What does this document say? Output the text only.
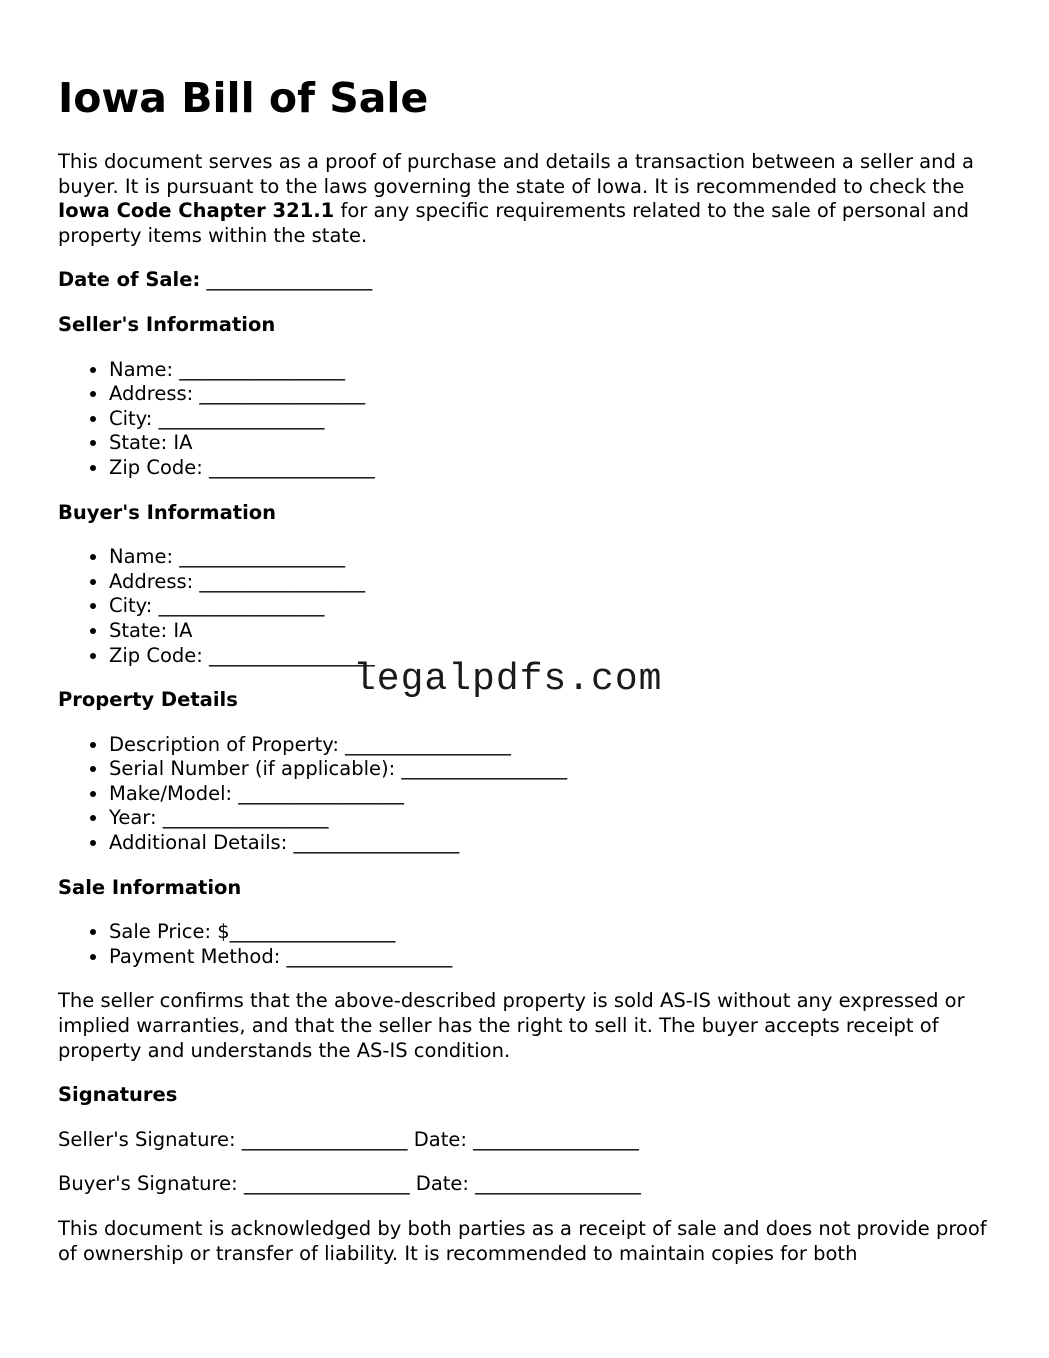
Iowa Bill of Sale

This document serves as a proof of purchase and details a transaction between a seller and a buyer. It is pursuant to the laws governing the state of Iowa. It is recommended to check the Iowa Code Chapter 321.1 for any specific requirements related to the sale of personal and property items within the state.

Date of Sale: _________________
Seller's Information
• Name: _________________
• Address: _________________
• City: _________________
• State: IA
• Zip Code: _________________
Buyer's Information
• Name: _________________
• Address: _________________
• City: _________________
• State: IA
• Zip Code: _________________
Property Details
• Description of Property: _________________
• Serial Number (if applicable): _________________
• Make/Model: _________________
• Year: _________________
• Additional Details: _________________
Sale Information
• Sale Price: $_________________
• Payment Method: _________________

The seller confirms that the above-described property is sold AS-IS without any expressed or implied warranties, and that the seller has the right to sell it. The buyer accepts receipt of property and understands the AS-IS condition.

Signatures

Seller's Signature: _________________ Date: _________________

Buyer's Signature: _________________ Date: _________________

This document is acknowledged by both parties as a receipt of sale and does not provide proof of ownership or transfer of liability. It is recommended to maintain copies for both

legalpdfs.com
